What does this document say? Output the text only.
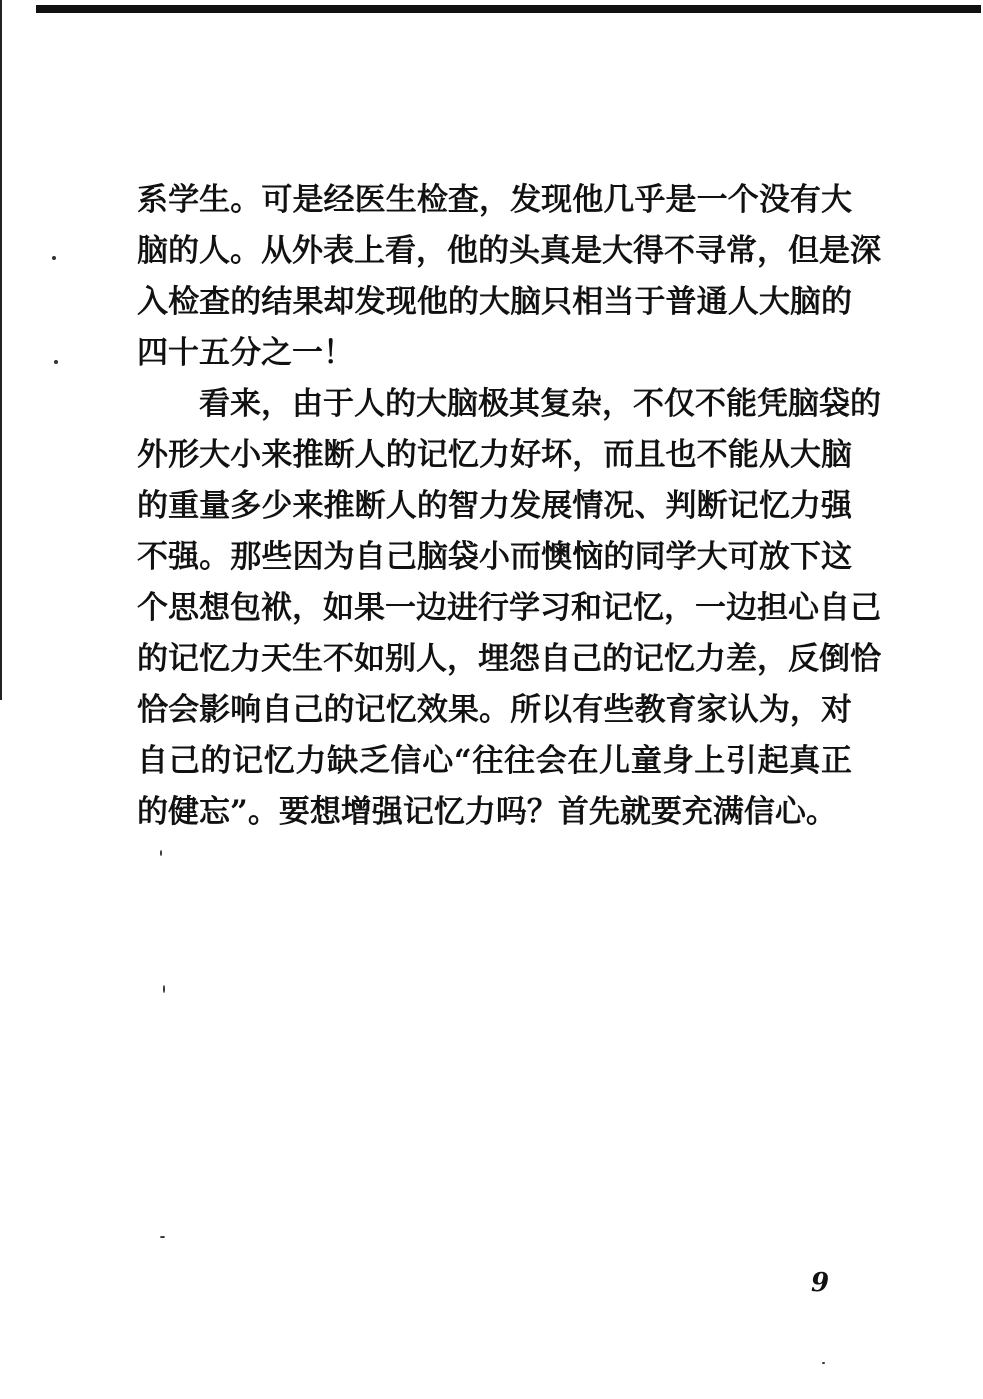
系学生。可是经医生检查，发现他几乎是一个没有大
脑的人。从外表上看，他的头真是大得不寻常，但是深
入检查的结果却发现他的大脑只相当于普通人大脑的
四十五分之一！
看来，由于人的大脑极其复杂，不仅不能凭脑袋的
外形大小来推断人的记忆力好坏，而且也不能从大脑
的重量多少来推断人的智力发展情况、判断记忆力强
不强。那些因为自己脑袋小而懊恼的同学大可放下这
个思想包袱，如果一边进行学习和记忆，一边担心自己
的记忆力天生不如别人，埋怨自己的记忆力差，反倒恰
恰会影响自己的记忆效果。所以有些教育家认为，对
自己的记忆力缺乏信心“往往会在儿童身上引起真正
的健忘”。要想增强记忆力吗？首先就要充满信心。
9
